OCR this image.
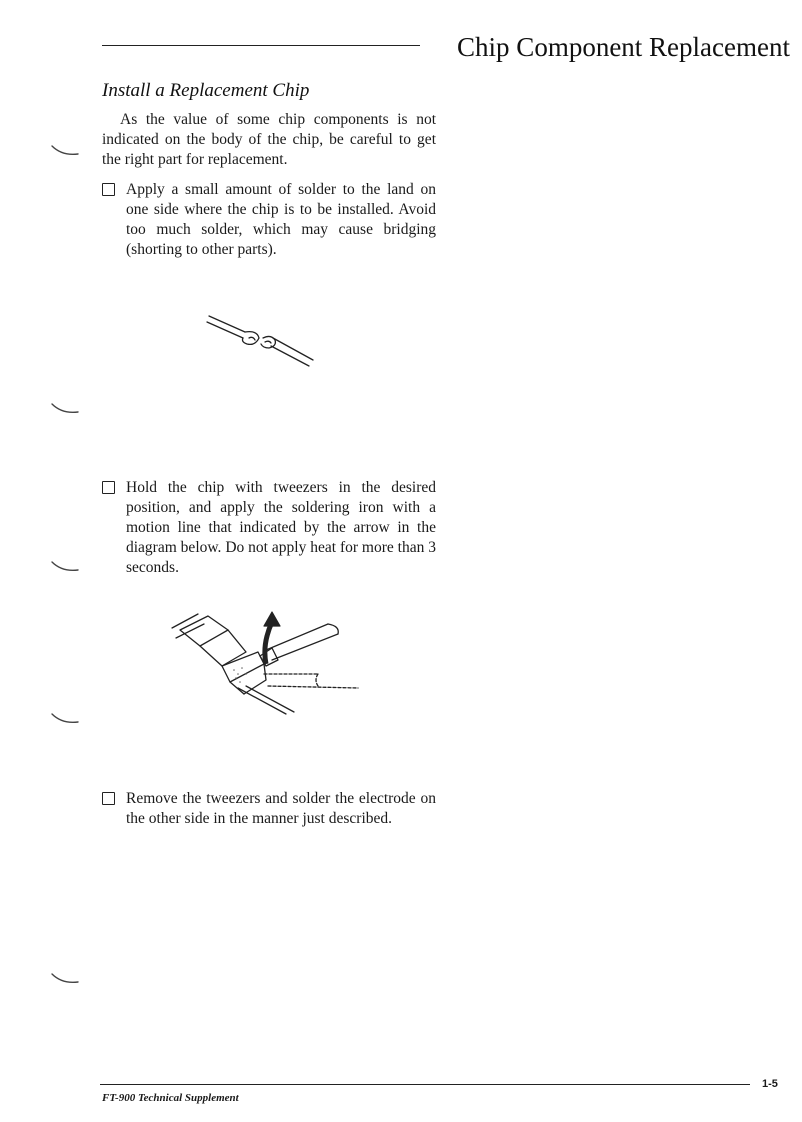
Chip Component Replacement
Install a Replacement Chip
As the value of some chip components is not indicated on the body of the chip, be careful to get the right part for replacement.
Apply a small amount of solder to the land on one side where the chip is to be installed. Avoid too much solder, which may cause bridging (shorting to other parts).
Hold the chip with tweezers in the desired position, and apply the soldering iron with a motion line that indicated by the arrow in the diagram below. Do not apply heat for more than 3 seconds.
Remove the tweezers and solder the electrode on the other side in the manner just described.
FT-900 Technical Supplement
1-5
